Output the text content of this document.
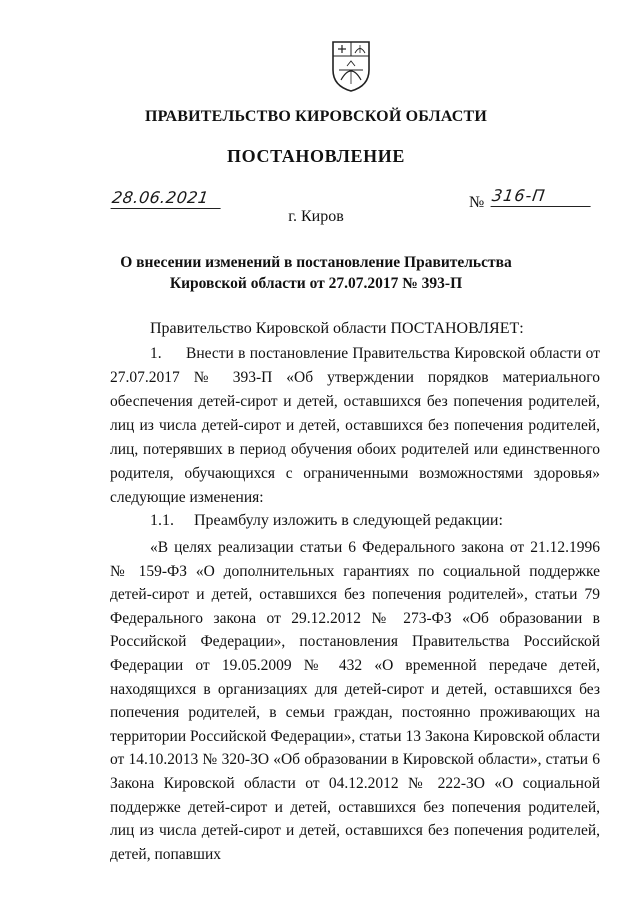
ПРАВИТЕЛЬСТВО КИРОВСКОЙ ОБЛАСТИ
ПОСТАНОВЛЕНИЕ
28.06.2021	№ 316-П
г. Киров
О внесении изменений в постановление Правительства
Кировской области от 27.07.2017 № 393-П
Правительство Кировской области ПОСТАНОВЛЯЕТ:
1. Внести в постановление Правительства Кировской области от 27.07.2017 № 393-П «Об утверждении порядков материального обеспечения детей-сирот и детей, оставшихся без попечения родителей, лиц из числа детей-сирот и детей, оставшихся без попечения родителей, лиц, потерявших в период обучения обоих родителей или единственного родителя, обучающихся с ограниченными возможностями здоровья» следующие изменения:
1.1. Преамбулу изложить в следующей редакции:
«В целях реализации статьи 6 Федерального закона от 21.12.1996 № 159-ФЗ «О дополнительных гарантиях по социальной поддержке детей-сирот и детей, оставшихся без попечения родителей», статьи 79 Федерального закона от 29.12.2012 № 273-ФЗ «Об образовании в Российской Федерации», постановления Правительства Российской Федерации от 19.05.2009 № 432 «О временной передаче детей, находящихся в организациях для детей-сирот и детей, оставшихся без попечения родителей, в семьи граждан, постоянно проживающих на территории Российской Федерации», статьи 13 Закона Кировской области от 14.10.2013 № 320-ЗО «Об образовании в Кировской области», статьи 6 Закона Кировской области от 04.12.2012 № 222-ЗО «О социальной поддержке детей-сирот и детей, оставшихся без попечения родителей, лиц из числа детей-сирот и детей, оставшихся без попечения родителей, детей, попавших
